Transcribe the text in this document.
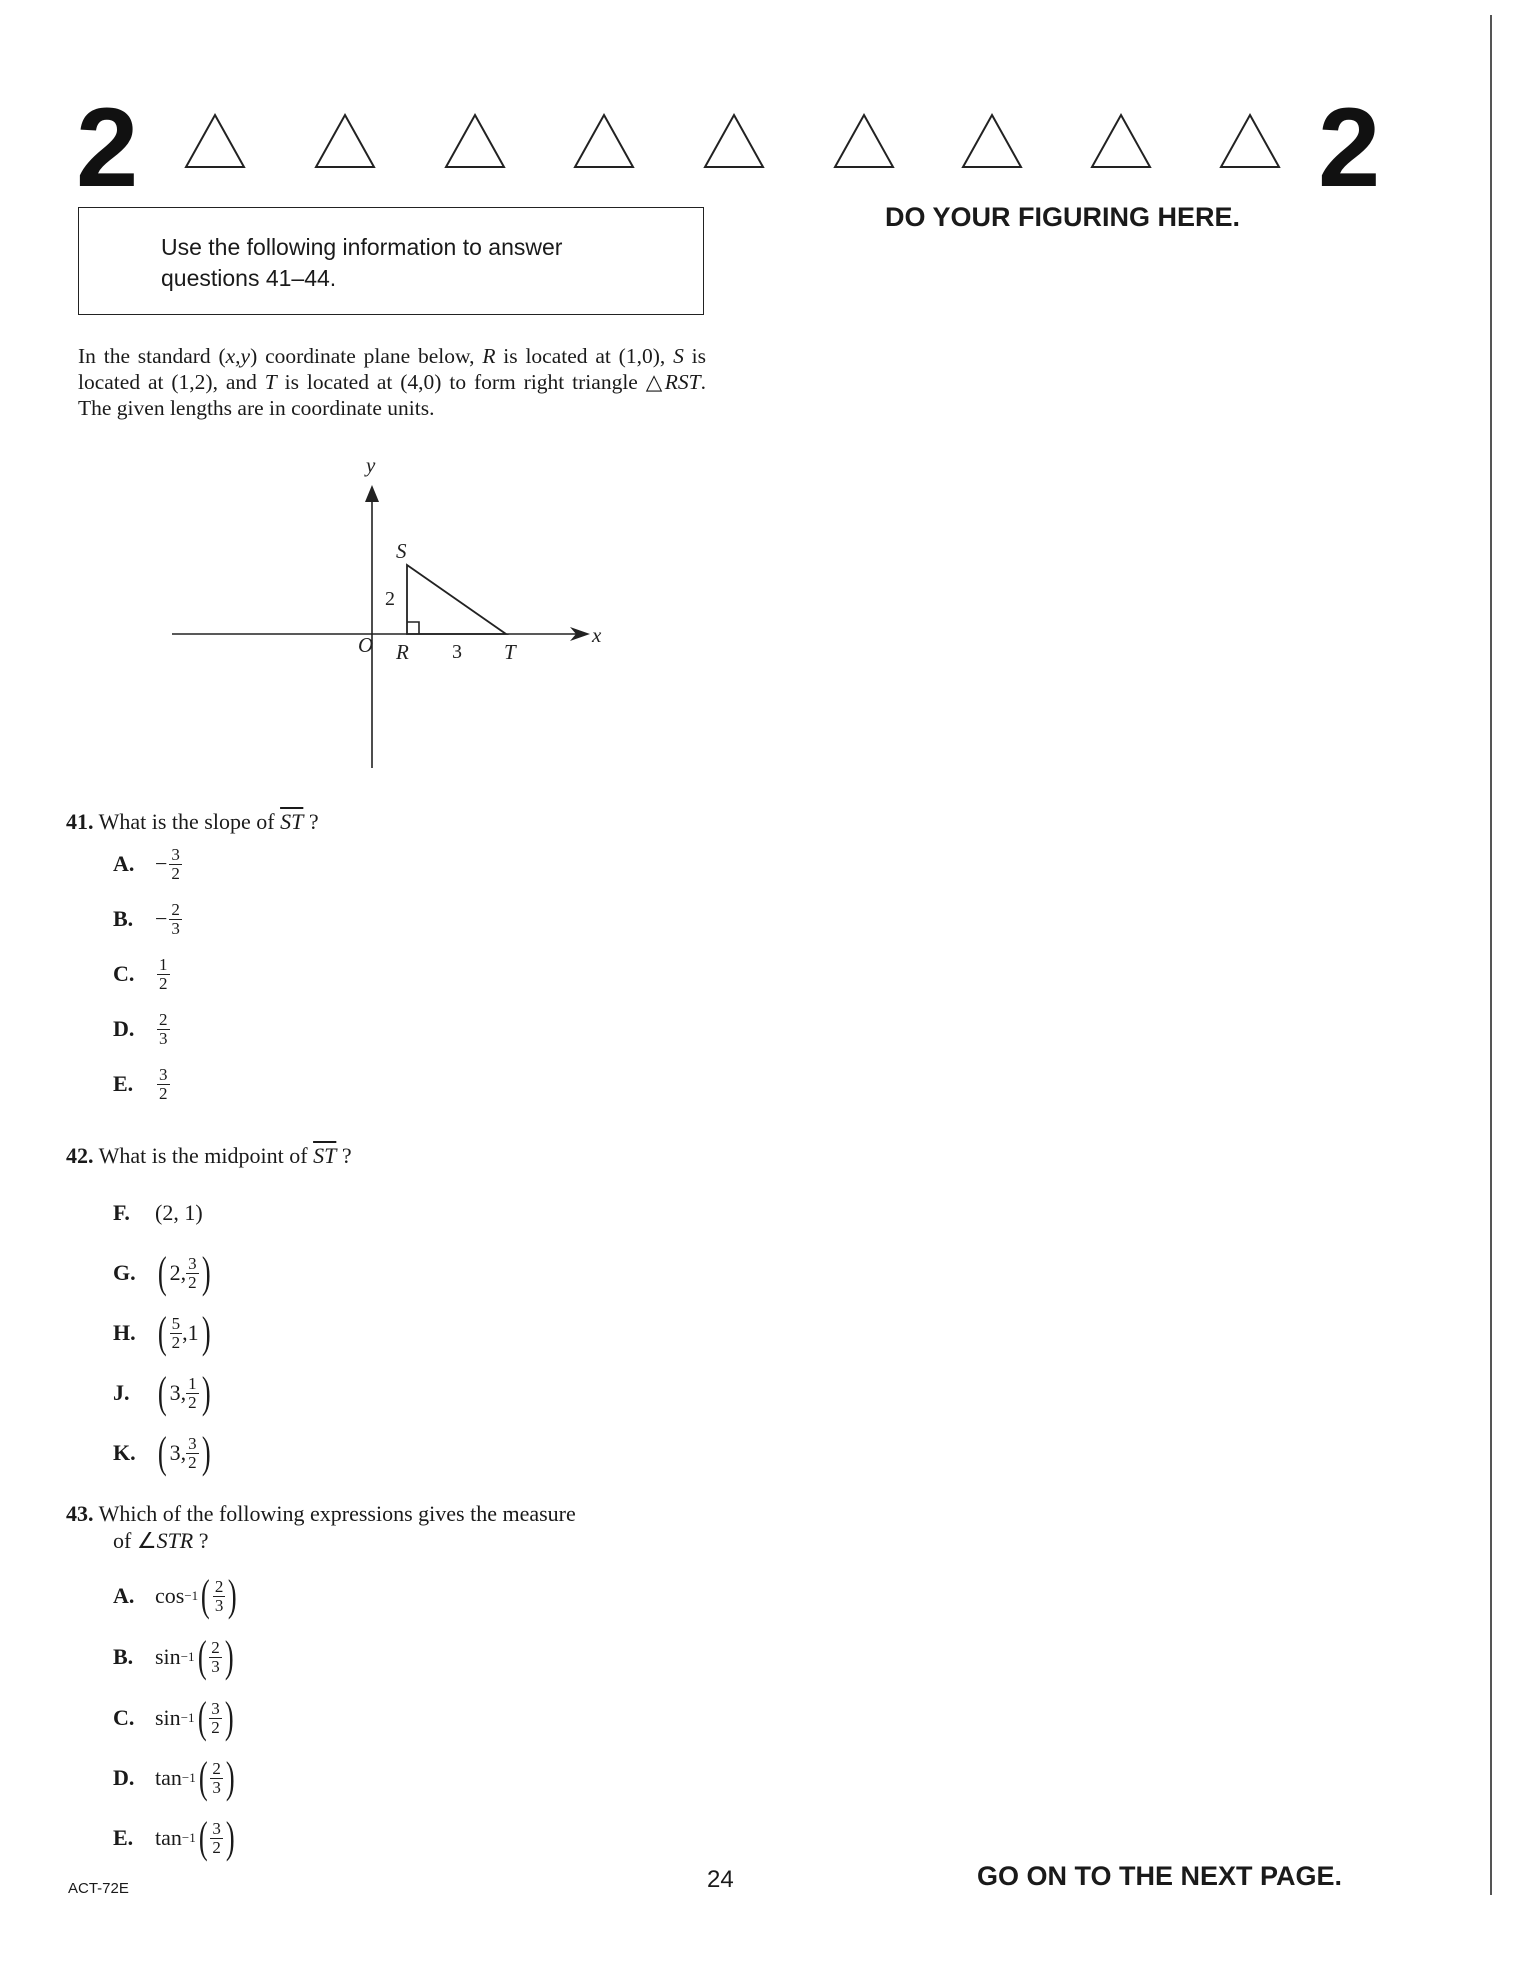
2	2
Use the following information to answer
questions 41–44.
In the standard (x,y) coordinate plane below, R is located at (1,0), S is located at (1,2), and T is located at (4,0) to form right triangle △RST. The given lengths are in coordinate units.
y
x
O R
S
T
2
3
41. What is the slope of $\overline{ST}$ ?
A. − $\frac{3}{2}$
B. − $\frac{2}{3}$
C.	$\frac{1}{2}$
D.	$\frac{2}{3}$
E.	$\frac{3}{2}$
42. What is the midpoint of $\overline{ST}$ ?
F.	(2, 1)
G. ( 2, $\frac{3}{2}$ )
H. ( $\frac{5}{2} ,1$ )
J. ( 3, $\frac{1}{2}$ )
K. ( 3, $\frac{3}{2}$ )
43. Which of the following expressions gives the measure
of ∠STR ?
A. cos −1 ( $\frac{2}{3}$ )
B. sin −1 ( $\frac{2}{3}$ )
C. sin −1 ( $\frac{3}{2}$ )
D. tan −1 ( $\frac{2}{3}$ )
E. tan −1 ( $\frac{3}{2}$ )
DO YOUR FIGURING HERE.
ACT-72E	24	GO ON TO THE NEXT PAGE.
